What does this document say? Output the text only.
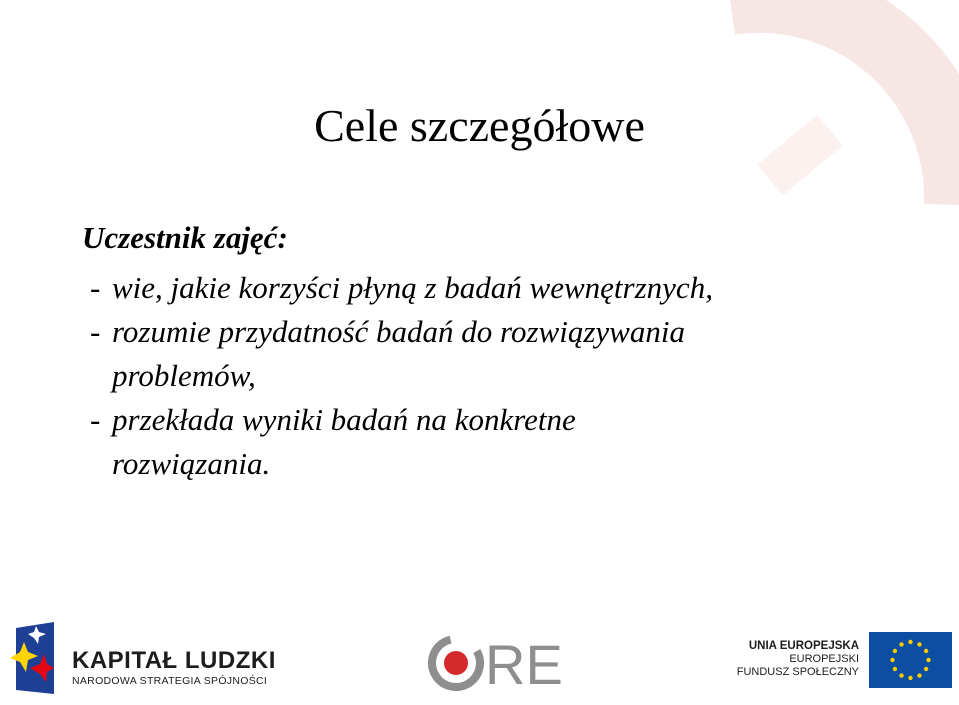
Cele szczegółowe
Uczestnik zajęć:
- wie, jakie korzyści płyną z badań wewnętrznych,
- rozumie przydatność badań do rozwiązywania problemów,
- przekłada wyniki badań na konkretne rozwiązania.
KAPITAŁ LUDZKI
NARODOWA STRATEGIA SPÓJNOŚCI	RE	UNIA EUROPEJSKA
EUROPEJSKI
FUNDUSZ SPOŁECZNY
